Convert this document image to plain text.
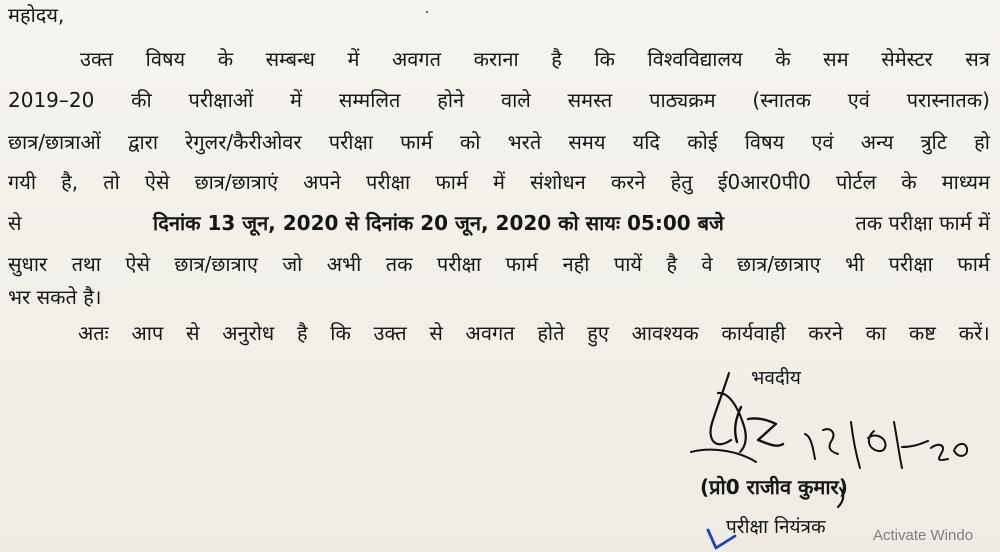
महोदय,
उक्त विषय के सम्बन्ध में अवगत कराना है कि विश्वविद्यालय के सम सेमेस्टर सत्र
2019–20 की परीक्षाओं में सम्मलित होने वाले समस्त पाठ्यक्रम (स्नातक एवं परास्नातक)
छात्र/छात्राओं द्वारा रेगुलर/कैरीओवर परीक्षा फार्म को भरते समय यदि कोई विषय एवं अन्य त्रुटि हो
गयी है, तो ऐसे छात्र/छात्राएं अपने परीक्षा फार्म में संशोधन करने हेतु ई0आर0पी0 पोर्टल के माध्यम
से	दिनांक 13 जून, 2020 से दिनांक 20 जून, 2020 को सायः 05:00 बजे	तक परीक्षा फार्म में
सुधार तथा ऐसे छात्र/छात्राए जो अभी तक परीक्षा फार्म नही पायें है वे छात्र/छात्राए भी परीक्षा फार्म
भर सकते है।
अतः आप से अनुरोध है कि उक्त से अवगत होते हुए आवश्यक कार्यवाही करने का कष्ट करें।
भवदीय
(प्रो0 राजीव कुमार)
परीक्षा नियंत्रक	Activate Windo
